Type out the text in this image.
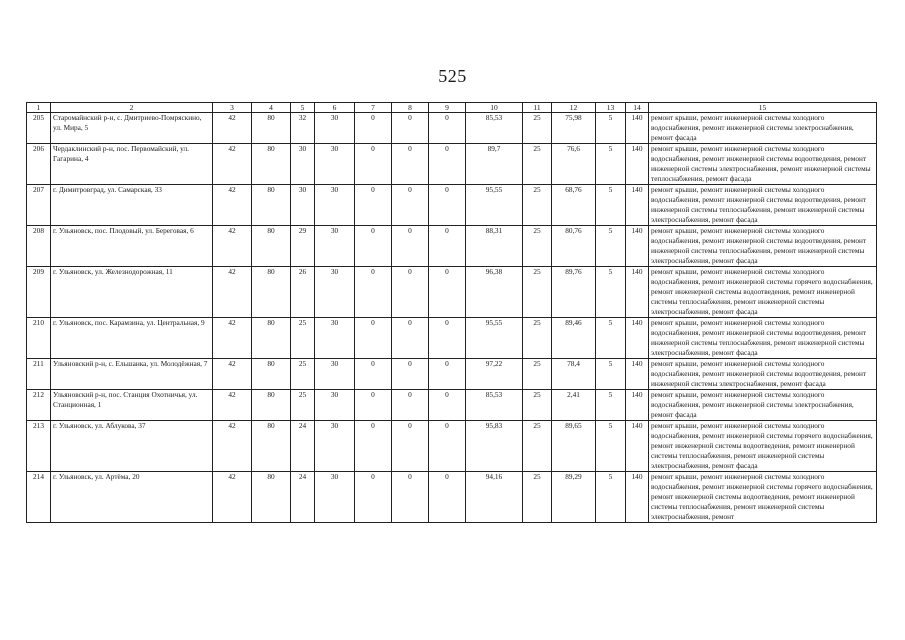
525
1	2	3	4	5	6	7	8	9	10	11	12	13	14	15
205	Старомайнский р-н, с. Дмитриево-Помряскино, ул. Мира, 5	42	80	32	30	0	0	0	85,53	25	75,98	5	140	ремонт крыши, ремонт инженерной системы холодного водоснабжения, ремонт инженерной системы электроснабжения, ремонт фасада
206	Чердаклинский р-н, пос. Первомайский, ул. Гагарина, 4	42	80	30	30	0	0	0	89,7	25	76,6	5	140	ремонт крыши, ремонт инженерной системы холодного водоснабжения, ремонт инженерной системы водоотведения, ремонт инженерной системы электроснабжения, ремонт инженерной системы теплоснабжения, ремонт фасада
207	г. Димитровград, ул. Самарская, 33	42	80	30	30	0	0	0	95,55	25	68,76	5	140	ремонт крыши, ремонт инженерной системы холодного водоснабжения, ремонт инженерной системы водоотведения, ремонт инженерной системы теплоснабжения, ремонт инженерной системы электроснабжения, ремонт фасада
208	г. Ульяновск, пос. Плодовый, ул. Береговая, 6	42	80	29	30	0	0	0	88,31	25	80,76	5	140	ремонт крыши, ремонт инженерной системы холодного водоснабжения, ремонт инженерной системы водоотведения, ремонт инженерной системы теплоснабжения, ремонт инженерной системы электроснабжения, ремонт фасада
209	г. Ульяновск, ул. Железнодорожная, 11	42	80	26	30	0	0	0	96,38	25	89,76	5	140	ремонт крыши, ремонт инженерной системы холодного водоснабжения, ремонт инженерной системы горячего водоснабжения, ремонт инженерной системы водоотведения, ремонт инженерной системы теплоснабжения, ремонт инженерной системы электроснабжения, ремонт фасада
210	г. Ульяновск, пос. Карамзина, ул. Центральная, 9	42	80	25	30	0	0	0	95,55	25	89,46	5	140	ремонт крыши, ремонт инженерной системы холодного водоснабжения, ремонт инженерной системы водоотведения, ремонт инженерной системы теплоснабжения, ремонт инженерной системы электроснабжения, ремонт фасада
211	Ульяновский р-н, с. Ельшанка, ул. Молодёжная, 7	42	80	25	30	0	0	0	97,22	25	78,4	5	140	ремонт крыши, ремонт инженерной системы холодного водоснабжения, ремонт инженерной системы водоотведения, ремонт инженерной системы электроснабжения, ремонт фасада
212	Ульяновский р-н, пос. Станция Охотничья, ул. Станционная, 1	42	80	25	30	0	0	0	85,53	25	2,41	5	140	ремонт крыши, ремонт инженерной системы холодного водоснабжения, ремонт инженерной системы электроснабжения, ремонт фасада
213	г. Ульяновск, ул. Аблукова, 37	42	80	24	30	0	0	0	95,83	25	89,65	5	140	ремонт крыши, ремонт инженерной системы холодного водоснабжения, ремонт инженерной системы горячего водоснабжения, ремонт инженерной системы водоотведения, ремонт инженерной системы теплоснабжения, ремонт инженерной системы электроснабжения, ремонт фасада
214	г. Ульяновск, ул. Артёма, 20	42	80	24	30	0	0	0	94,16	25	89,29	5	140	ремонт крыши, ремонт инженерной системы холодного водоснабжения, ремонт инженерной системы горячего водоснабжения, ремонт инженерной системы водоотведения, ремонт инженерной системы теплоснабжения, ремонт инженерной системы электроснабжения, ремонт
